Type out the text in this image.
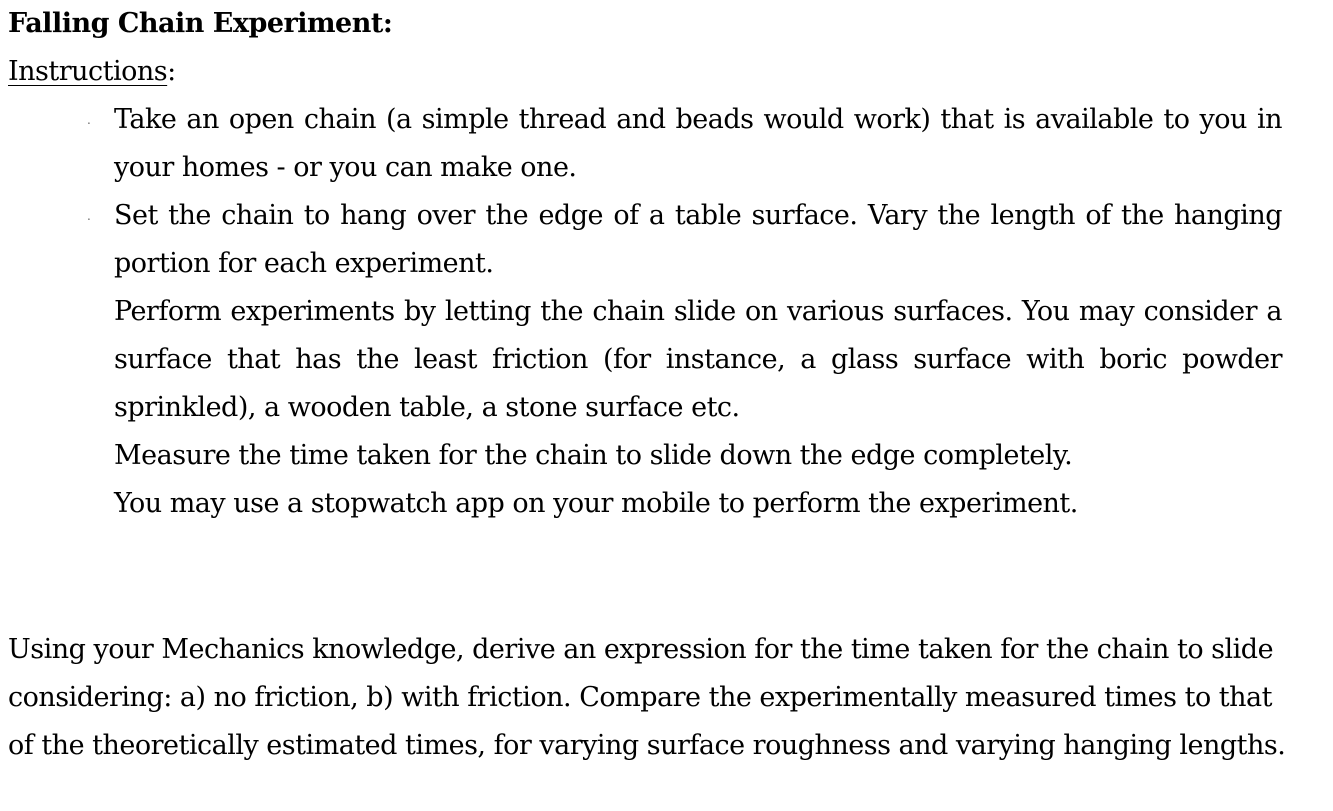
Falling Chain Experiment:
Instructions:
. Take an open chain (a simple thread and beads would work) that is available to you in your homes - or you can make one.
. Set the chain to hang over the edge of a table surface. Vary the length of the hanging portion for each experiment.
Perform experiments by letting the chain slide on various surfaces. You may consider a surface that has the least friction (for instance, a glass surface with boric powder sprinkled), a wooden table, a stone surface etc.
Measure the time taken for the chain to slide down the edge completely.
You may use a stopwatch app on your mobile to perform the experiment.

Using your Mechanics knowledge, derive an expression for the time taken for the chain to slide considering: a) no friction, b) with friction. Compare the experimentally measured times to that of the theoretically estimated times, for varying surface roughness and varying hanging lengths.
